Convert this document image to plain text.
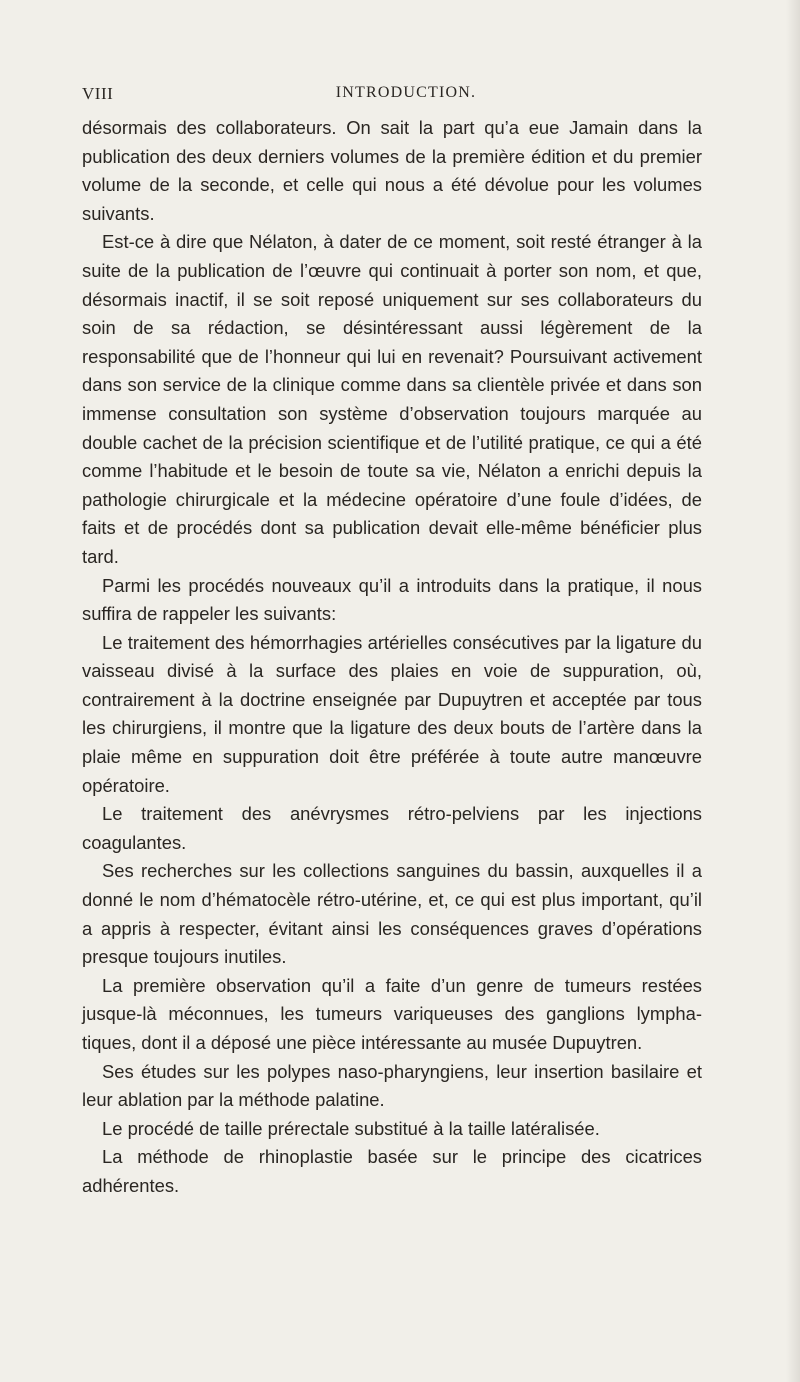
VIII	INTRODUCTION.

désormais des collaborateurs. On sait la part qu’a eue Jamain dans la publication des deux derniers volumes de la première édition et du premier volume de la seconde, et celle qui nous a été dévolue pour les volumes suivants.

Est-ce à dire que Nélaton, à dater de ce moment, soit resté étranger à la suite de la publication de l’œuvre qui continuait à porter son nom, et que, désormais inactif, il se soit reposé uniquement sur ses collaborateurs du soin de sa rédaction, se désintéressant aussi légèrement de la responsabilité que de l’honneur qui lui en revenait? Poursuivant activement dans son service de la clinique comme dans sa clientèle privée et dans son immense consultation son système d’observation toujours marquée au double cachet de la précision scientifique et de l’utilité pratique, ce qui a été comme l’habitude et le besoin de toute sa vie, Nélaton a enrichi depuis la pathologie chirurgicale et la médecine opératoire d’une foule d’idées, de faits et de procédés dont sa publication devait elle-même bénéficier plus tard.

Parmi les procédés nouveaux qu’il a introduits dans la pratique, il nous suffira de rappeler les suivants:

Le traitement des hémorrhagies artérielles consécutives par la ligature du vaisseau divisé à la surface des plaies en voie de suppuration, où, contrairement à la doctrine enseignée par Dupuytren et acceptée par tous les chirurgiens, il montre que la ligature des deux bouts de l’artère dans la plaie même en suppuration doit être préférée à toute autre manœuvre opératoire.

Le traitement des anévrysmes rétro-pelviens par les injections coagulantes.

Ses recherches sur les collections sanguines du bassin, auxquelles il a donné le nom d’hématocèle rétro-utérine, et, ce qui est plus important, qu’il a appris à respecter, évitant ainsi les conséquences graves d’opérations presque toujours inutiles.

La première observation qu’il a faite d’un genre de tumeurs restées jusque-là méconnues, les tumeurs variqueuses des ganglions lymphatiques, dont il a déposé une pièce intéressante au musée Dupuytren.

Ses études sur les polypes naso-pharyngiens, leur insertion basilaire et leur ablation par la méthode palatine.

Le procédé de taille prérectale substitué à la taille latéralisée.

La méthode de rhinoplastie basée sur le principe des cicatrices adhérentes.
